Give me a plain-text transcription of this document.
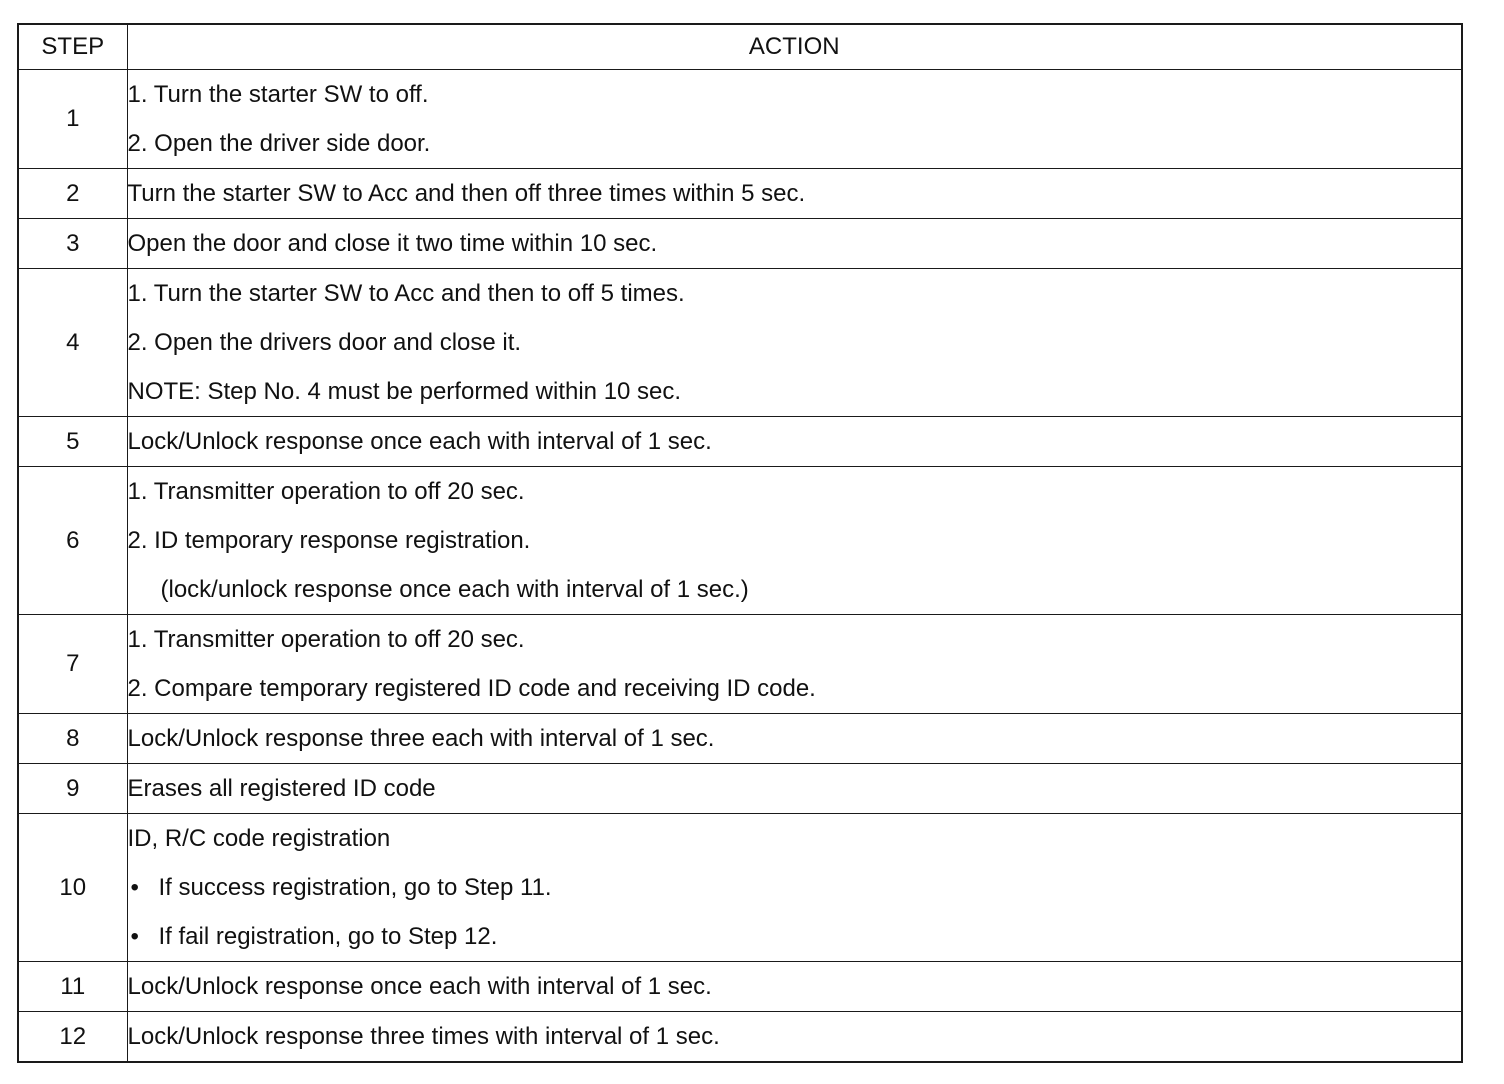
STEP	ACTION
1	1. Turn the starter SW to off.
2. Open the driver side door.

2	Turn the starter SW to Acc and then off three times within 5 sec.

3	Open the door and close it two time within 10 sec.

4	1. Turn the starter SW to Acc and then to off 5 times.
2. Open the drivers door and close it.
NOTE: Step No. 4 must be performed within 10 sec.

5	Lock/Unlock response once each with interval of 1 sec.

6	1. Transmitter operation to off 20 sec.
2. ID temporary response registration.
(lock/unlock response once each with interval of 1 sec.)

7	1. Transmitter operation to off 20 sec.
2. Compare temporary registered ID code and receiving ID code.

8	Lock/Unlock response three each with interval of 1 sec.

9	Erases all registered ID code

10	ID, R/C code registration
• If success registration, go to Step 11.
• If fail registration, go to Step 12.

11	Lock/Unlock response once each with interval of 1 sec.

12	Lock/Unlock response three times with interval of 1 sec.
